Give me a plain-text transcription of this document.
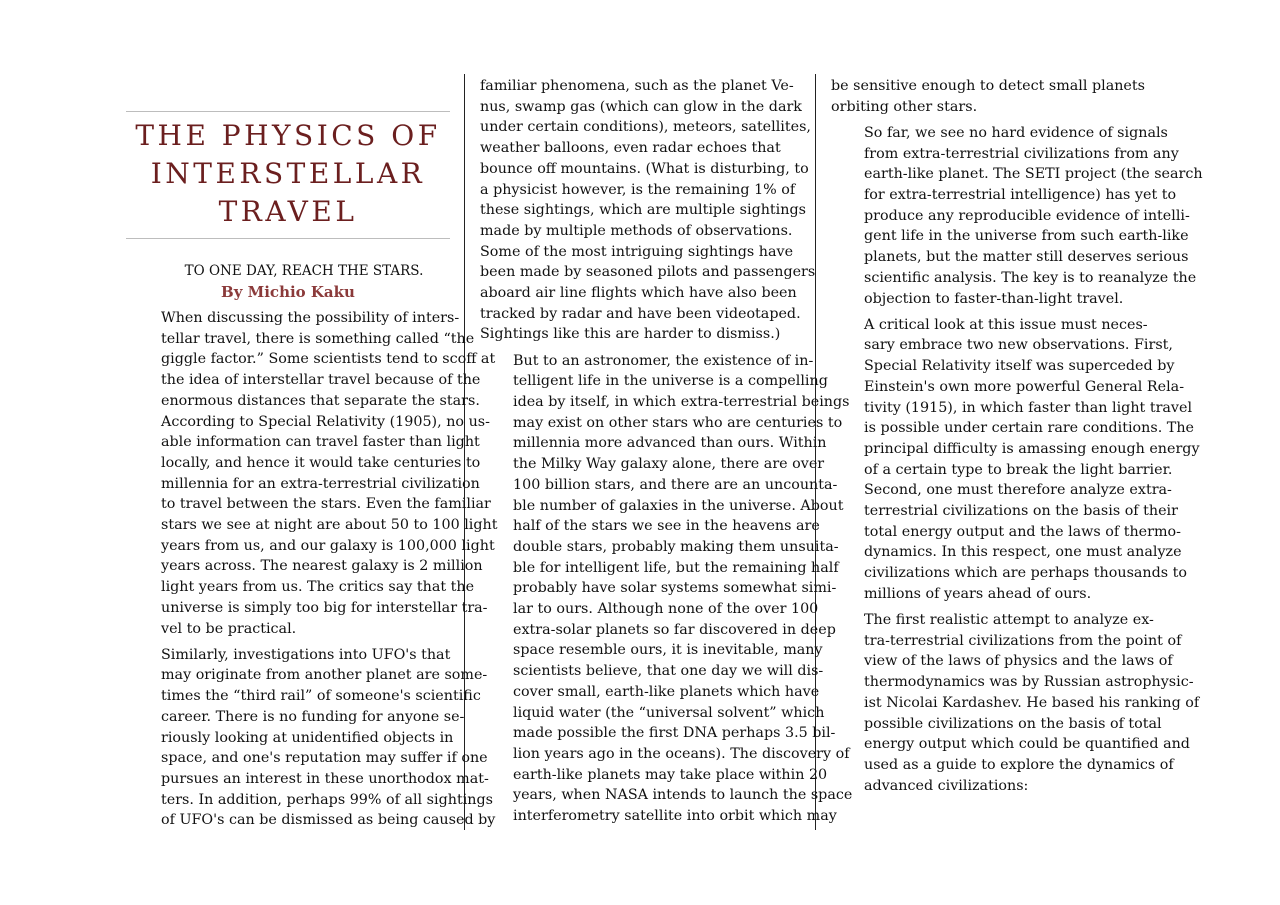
THE PHYSICS OF
INTERSTELLAR
TRAVEL
TO ONE DAY, REACH THE STARS.
By Michio Kaku

When discussing the possibility of inters-
tellar travel, there is something called “the
giggle factor.” Some scientists tend to scoff at
the idea of interstellar travel because of the
enormous distances that separate the stars.
According to Special Relativity (1905), no us-
able information can travel faster than light
locally, and hence it would take centuries to
millennia for an extra-terrestrial civilization
to travel between the stars. Even the familiar
stars we see at night are about 50 to 100 light
years from us, and our galaxy is 100,000 light
years across. The nearest galaxy is 2 million
light years from us. The critics say that the
universe is simply too big for interstellar tra-
vel to be practical.

Similarly, investigations into UFO's that
may originate from another planet are some-
times the “third rail” of someone's scientific
career. There is no funding for anyone se-
riously looking at unidentified objects in
space, and one's reputation may suffer if one
pursues an interest in these unorthodox mat-
ters. In addition, perhaps 99% of all sightings
of UFO's can be dismissed as being caused by

familiar phenomena, such as the planet Ve-
nus, swamp gas (which can glow in the dark
under certain conditions), meteors, satellites,
weather balloons, even radar echoes that
bounce off mountains. (What is disturbing, to
a physicist however, is the remaining 1% of
these sightings, which are multiple sightings
made by multiple methods of observations.
Some of the most intriguing sightings have
been made by seasoned pilots and passengers
aboard air line flights which have also been
tracked by radar and have been videotaped.
Sightings like this are harder to dismiss.)

But to an astronomer, the existence of in-
telligent life in the universe is a compelling
idea by itself, in which extra-terrestrial beings
may exist on other stars who are centuries to
millennia more advanced than ours. Within
the Milky Way galaxy alone, there are over
100 billion stars, and there are an uncounta-
ble number of galaxies in the universe. About
half of the stars we see in the heavens are
double stars, probably making them unsuita-
ble for intelligent life, but the remaining half
probably have solar systems somewhat simi-
lar to ours. Although none of the over 100
extra-solar planets so far discovered in deep
space resemble ours, it is inevitable, many
scientists believe, that one day we will dis-
cover small, earth-like planets which have
liquid water (the “universal solvent” which
made possible the first DNA perhaps 3.5 bil-
lion years ago in the oceans). The discovery of
earth-like planets may take place within 20
years, when NASA intends to launch the space
interferometry satellite into orbit which may

be sensitive enough to detect small planets
orbiting other stars.

So far, we see no hard evidence of signals
from extra-terrestrial civilizations from any
earth-like planet. The SETI project (the search
for extra-terrestrial intelligence) has yet to
produce any reproducible evidence of intelli-
gent life in the universe from such earth-like
planets, but the matter still deserves serious
scientific analysis. The key is to reanalyze the
objection to faster-than-light travel.

A critical look at this issue must neces-
sary embrace two new observations. First,
Special Relativity itself was superceded by
Einstein's own more powerful General Rela-
tivity (1915), in which faster than light travel
is possible under certain rare conditions. The
principal difficulty is amassing enough energy
of a certain type to break the light barrier.
Second, one must therefore analyze extra-
terrestrial civilizations on the basis of their
total energy output and the laws of thermo-
dynamics. In this respect, one must analyze
civilizations which are perhaps thousands to
millions of years ahead of ours.

The first realistic attempt to analyze ex-
tra-terrestrial civilizations from the point of
view of the laws of physics and the laws of
thermodynamics was by Russian astrophysic-
ist Nicolai Kardashev. He based his ranking of
possible civilizations on the basis of total
energy output which could be quantified and
used as a guide to explore the dynamics of
advanced civilizations:
